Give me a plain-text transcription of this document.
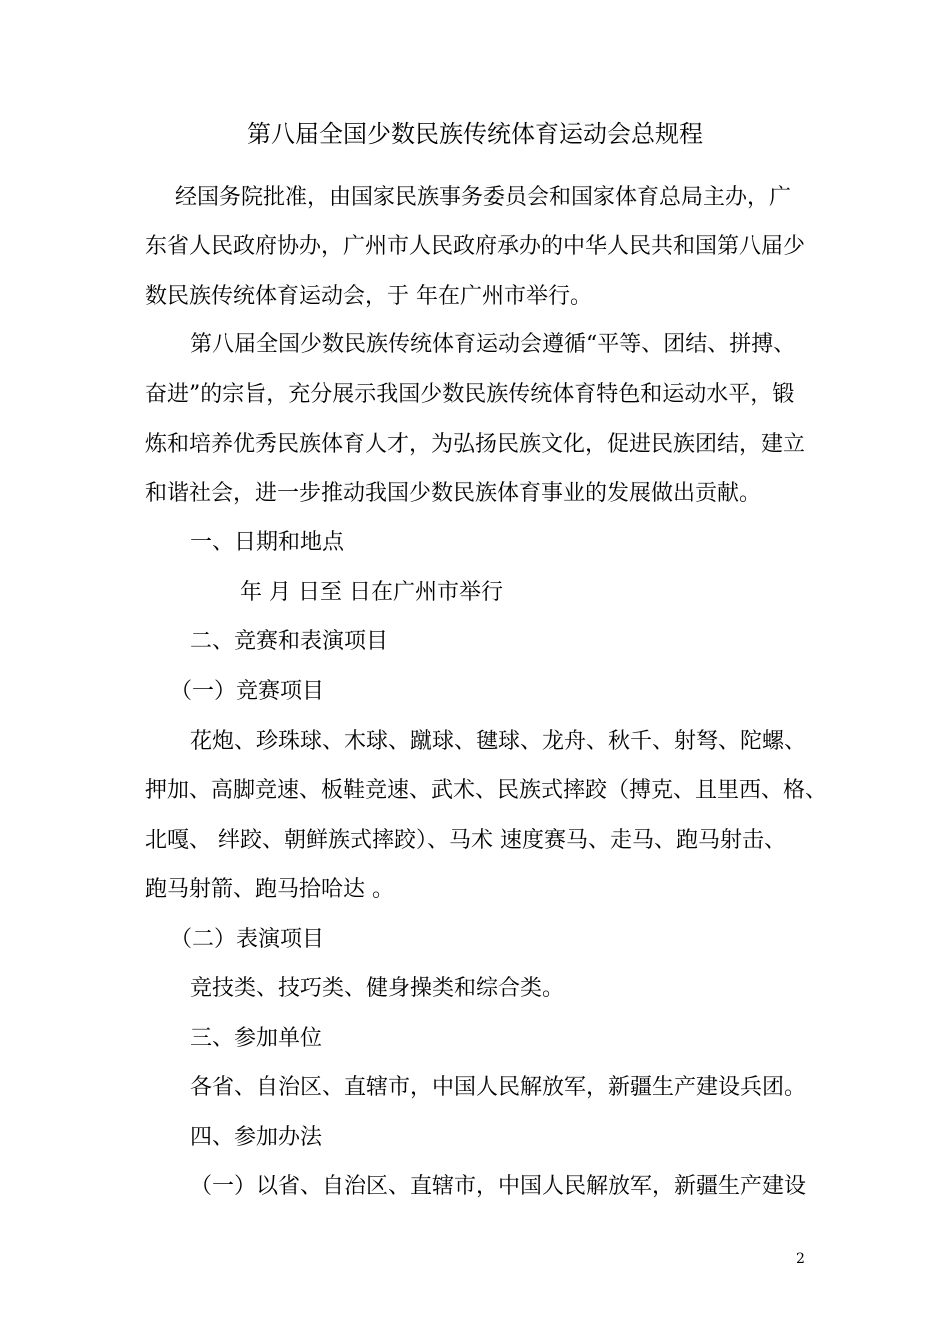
第八届全国少数民族传统体育运动会总规程
经国务院批准，由国家民族事务委员会和国家体育总局主办，广
东省人民政府协办，广州市人民政府承办的中华人民共和国第八届少
数民族传统体育运动会，于 年在广州市举行。
第八届全国少数民族传统体育运动会遵循“平等、团结、拼搏、
奋进”的宗旨，充分展示我国少数民族传统体育特色和运动水平，锻
炼和培养优秀民族体育人才，为弘扬民族文化，促进民族团结，建立
和谐社会，进一步推动我国少数民族体育事业的发展做出贡献。
一、日期和地点
年 月 日至 日在广州市举行
二、竞赛和表演项目
（一）竞赛项目
花炮、珍珠球、木球、蹴球、毽球、龙舟、秋千、射弩、陀螺、
押加、高脚竞速、板鞋竞速、武术、民族式摔跤（搏克、且里西、格、
北嘎、 绊跤、朝鲜族式摔跤）、马术 速度赛马、走马、跑马射击、
跑马射箭、跑马拾哈达 。
（二）表演项目
竞技类、技巧类、健身操类和综合类。
三、参加单位
各省、自治区、直辖市，中国人民解放军，新疆生产建设兵团。
四、参加办法
（一）以省、自治区、直辖市，中国人民解放军，新疆生产建设
2
